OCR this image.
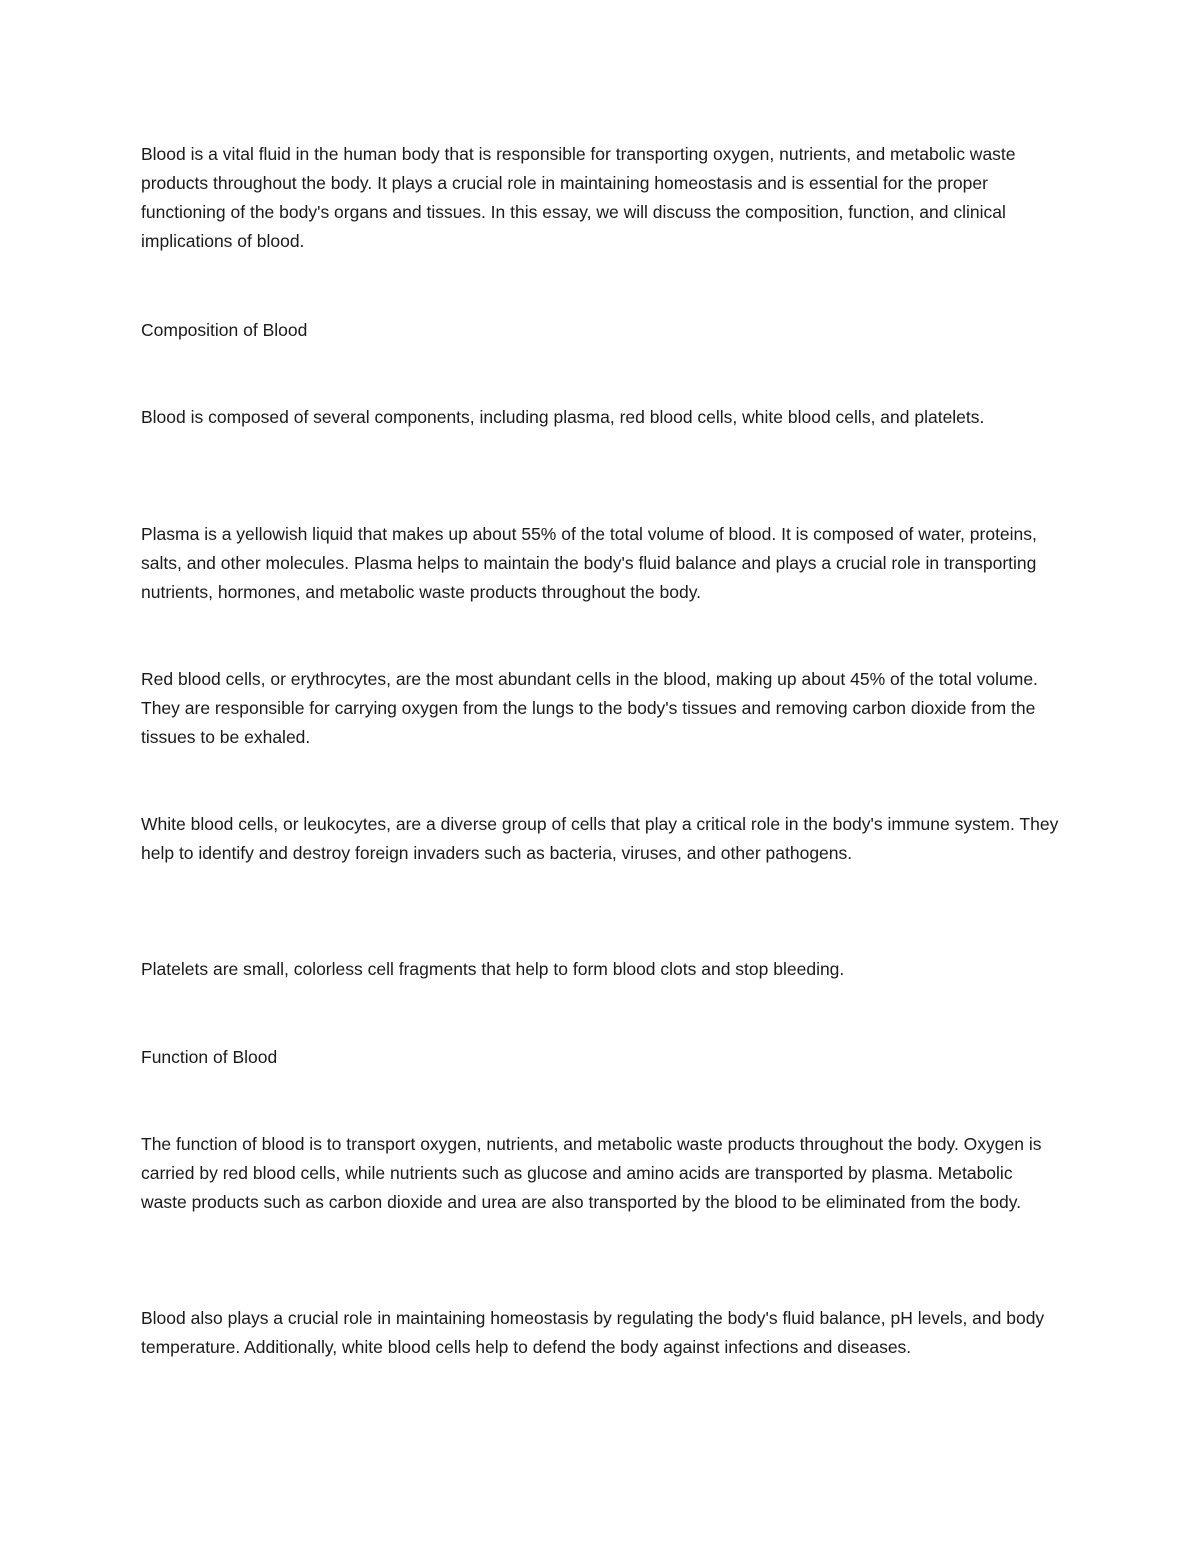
Blood is a vital fluid in the human body that is responsible for transporting oxygen, nutrients, and metabolic waste products throughout the body. It plays a crucial role in maintaining homeostasis and is essential for the proper functioning of the body's organs and tissues. In this essay, we will discuss the composition, function, and clinical implications of blood.

Composition of Blood

Blood is composed of several components, including plasma, red blood cells, white blood cells, and platelets.

Plasma is a yellowish liquid that makes up about 55% of the total volume of blood. It is composed of water, proteins, salts, and other molecules. Plasma helps to maintain the body's fluid balance and plays a crucial role in transporting nutrients, hormones, and metabolic waste products throughout the body.

Red blood cells, or erythrocytes, are the most abundant cells in the blood, making up about 45% of the total volume. They are responsible for carrying oxygen from the lungs to the body's tissues and removing carbon dioxide from the tissues to be exhaled.

White blood cells, or leukocytes, are a diverse group of cells that play a critical role in the body's immune system. They help to identify and destroy foreign invaders such as bacteria, viruses, and other pathogens.

Platelets are small, colorless cell fragments that help to form blood clots and stop bleeding.

Function of Blood

The function of blood is to transport oxygen, nutrients, and metabolic waste products throughout the body. Oxygen is carried by red blood cells, while nutrients such as glucose and amino acids are transported by plasma. Metabolic waste products such as carbon dioxide and urea are also transported by the blood to be eliminated from the body.

Blood also plays a crucial role in maintaining homeostasis by regulating the body's fluid balance, pH levels, and body temperature. Additionally, white blood cells help to defend the body against infections and diseases.
